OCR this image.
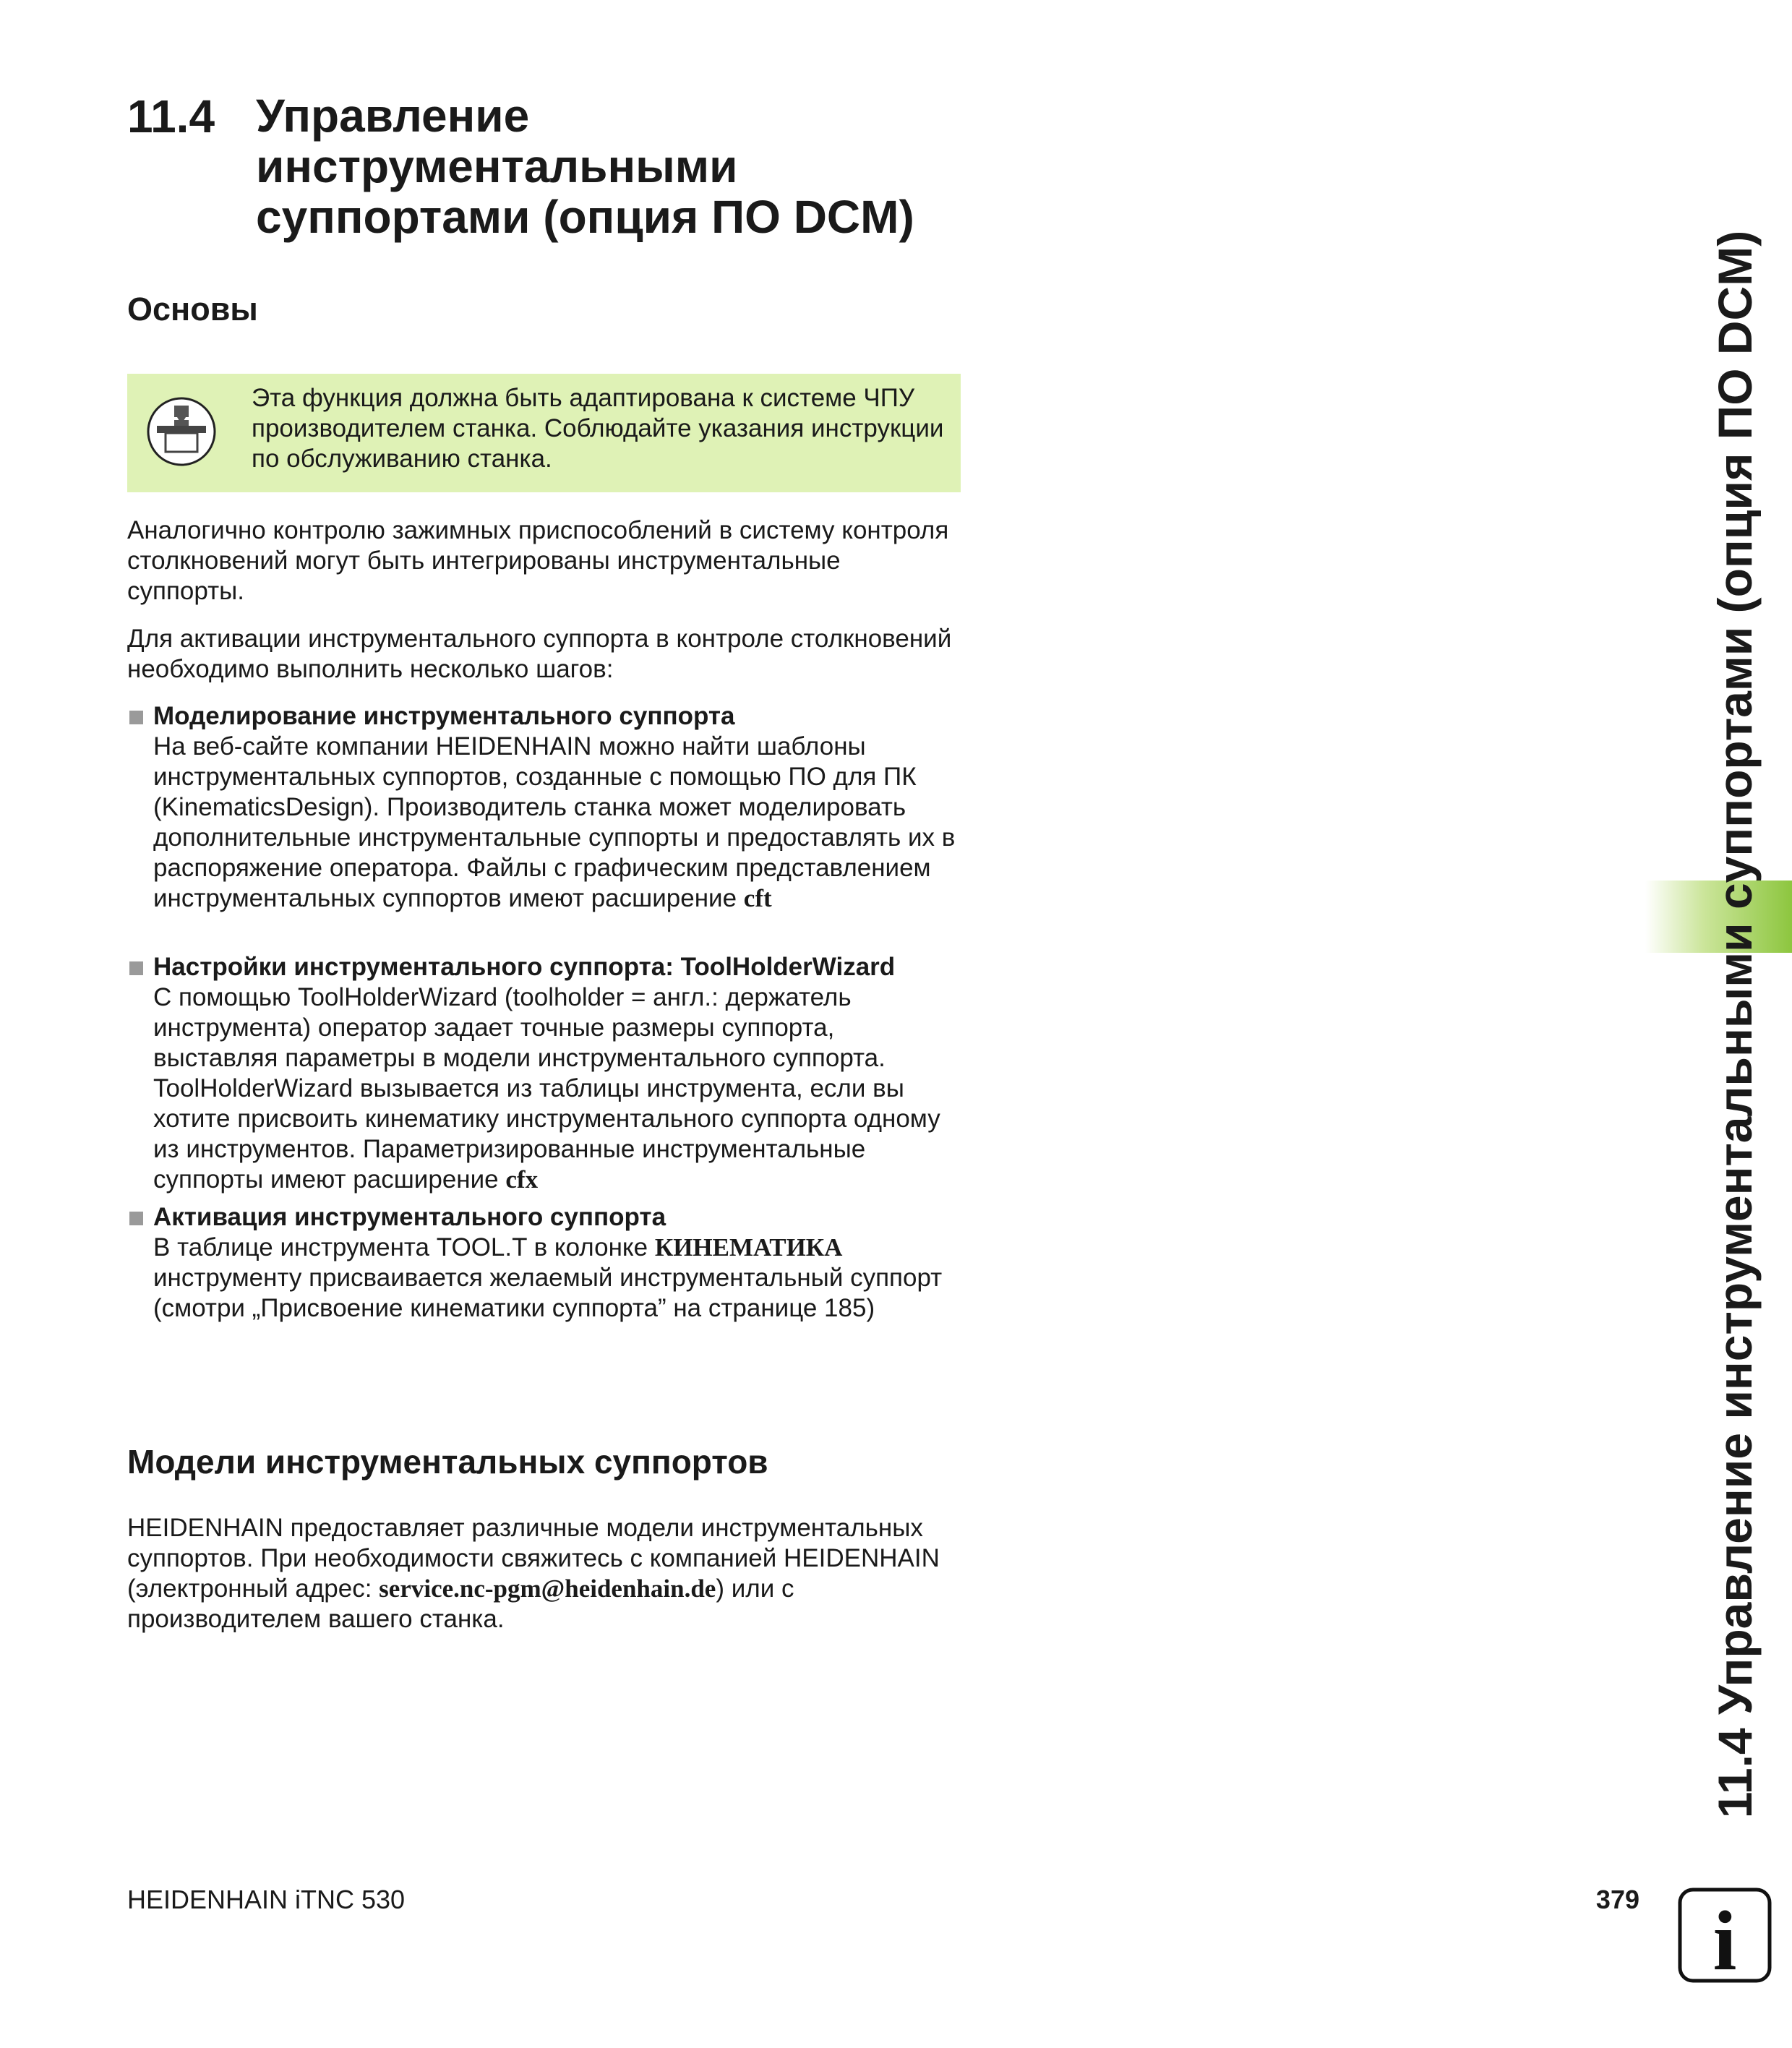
11.4 Управление инструментальными суппортами (опция ПО DCM)
Основы
Эта функция должна быть адаптирована к системе ЧПУ производителем станка. Соблюдайте указания инструкции по обслуживанию станка.
Аналогично контролю зажимных приспособлений в систему контроля столкновений могут быть интегрированы инструментальные суппорты.
Для активации инструментального суппорта в контроле столкновений необходимо выполнить несколько шагов:
Моделирование инструментального суппорта
На веб-сайте компании HEIDENHAIN можно найти шаблоны инструментальных суппортов, созданные с помощью ПО для ПК (KinematicsDesign). Производитель станка может моделировать дополнительные инструментальные суппорты и предоставлять их в распоряжение оператора. Файлы с графическим представлением инструментальных суппортов имеют расширение cft
Настройки инструментального суппорта: ToolHolderWizard
С помощью ToolHolderWizard (toolholder = англ.: держатель инструмента) оператор задает точные размеры суппорта, выставляя параметры в модели инструментального суппорта. ToolHolderWizard вызывается из таблицы инструмента, если вы хотите присвоить кинематику инструментального суппорта одному из инструментов. Параметризированные инструментальные суппорты имеют расширение cfx
Активация инструментального суппорта
В таблице инструмента TOOL.T в колонке КИНЕМАТИКА инструменту присваивается желаемый инструментальный суппорт (смотри „Присвоение кинематики суппорта” на странице 185)
Модели инструментальных суппортов
HEIDENHAIN предоставляет различные модели инструментальных суппортов. При необходимости свяжитесь с компанией HEIDENHAIN (электронный адрес: service.nc-pgm@heidenhain.de) или с производителем вашего станка.	11.4 Управление инструментальными суппортами (опция ПО DCM)
HEIDENHAIN iTNC 530	379 i
